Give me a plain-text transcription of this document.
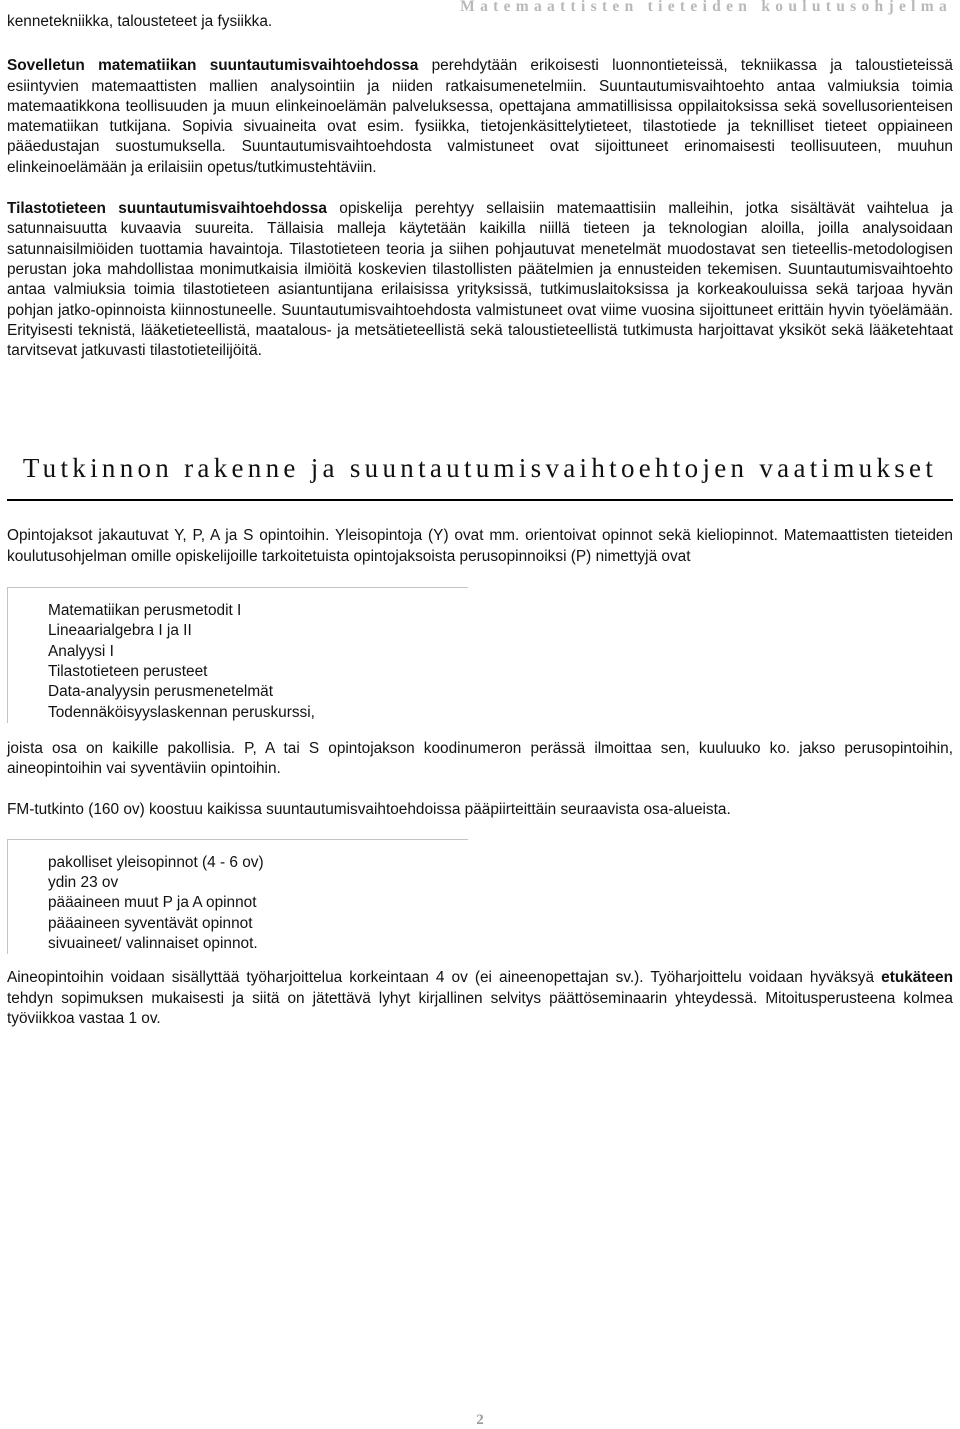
Matemaattisten tieteiden koulutusohjelma

kennetekniikka, talousteteet ja fysiikka.

Sovelletun matematiikan suuntautumisvaihtoehdossa perehdytään erikoisesti luonnontieteissä, tekniikassa ja taloustieteissä esiintyvien matemaattisten mallien analysointiin ja niiden ratkaisumenetelmiin. Suuntautumisvaihtoehto antaa valmiuksia toimia matemaatikkona teollisuuden ja muun elinkeinoelämän palveluksessa, opettajana ammatillisissa oppilaitoksissa sekä sovellusorienteisen matematiikan tutkijana. Sopivia sivuaineita ovat esim. fysiikka, tietojenkäsittelytieteet, tilastotiede ja teknilliset tieteet oppiaineen pääedustajan suostumuksella. Suuntautumisvaihtoehdosta valmistuneet ovat sijoittuneet erinomaisesti teollisuuteen, muuhun elinkeinoelämään ja erilaisiin opetus/tutkimustehtäviin.

Tilastotieteen suuntautumisvaihtoehdossa opiskelija perehtyy sellaisiin matemaattisiin malleihin, jotka sisältävät vaihtelua ja satunnaisuutta kuvaavia suureita. Tällaisia malleja käytetään kaikilla niillä tieteen ja teknologian aloilla, joilla analysoidaan satunnaisilmiöiden tuottamia havaintoja. Tilastotieteen teoria ja siihen pohjautuvat menetelmät muodostavat sen tieteellis-metodologisen perustan joka mahdollistaa monimutkaisia ilmiöitä koskevien tilastollisten päätelmien ja ennusteiden tekemisen. Suuntautumisvaihtoehto antaa valmiuksia toimia tilastotieteen asiantuntijana erilaisissa yrityksissä, tutkimuslaitoksissa ja korkeakouluissa sekä tarjoaa hyvän pohjan jatko-opinnoista kiinnostuneelle. Suuntautumisvaihtoehdosta valmistuneet ovat viime vuosina sijoittuneet erittäin hyvin työelämään. Erityisesti teknistä, lääketieteellistä, maatalous- ja metsätieteellistä sekä taloustieteellistä tutkimusta harjoittavat yksiköt sekä lääketehtaat tarvitsevat jatkuvasti tilastotieteilijöitä.

Tutkinnon rakenne ja suuntautumisvaihtoehtojen vaatimukset

Opintojaksot jakautuvat Y, P, A ja S opintoihin. Yleisopintoja (Y) ovat mm. orientoivat opinnot sekä kieliopinnot. Matemaattisten tieteiden koulutusohjelman omille opiskelijoille tarkoitetuista opintojaksoista perusopinnoiksi (P) nimettyjä ovat

Matematiikan perusmetodit I
Lineaarialgebra I ja II
Analyysi I
Tilastotieteen perusteet
Data-analyysin perusmenetelmät
Todennäköisyyslaskennan peruskurssi,

joista osa on kaikille pakollisia. P, A tai S opintojakson koodinumeron perässä ilmoittaa sen, kuuluuko ko. jakso perusopintoihin, aineopintoihin vai syventäviin opintoihin.

FM-tutkinto (160 ov) koostuu kaikissa suuntautumisvaihtoehdoissa pääpiirteittäin seuraavista osa-alueista.

pakolliset yleisopinnot (4 - 6 ov)
ydin 23 ov
pääaineen muut P ja A opinnot
pääaineen syventävät opinnot
sivuaineet/ valinnaiset opinnot.

Aineopintoihin voidaan sisällyttää työharjoittelua korkeintaan 4 ov (ei aineenopettajan sv.). Työharjoittelu voidaan hyväksyä etukäteen tehdyn sopimuksen mukaisesti ja siitä on jätettävä lyhyt kirjallinen selvitys päättöseminaarin yhteydessä. Mitoitusperusteena kolmea työviikkoa vastaa 1 ov.

2
